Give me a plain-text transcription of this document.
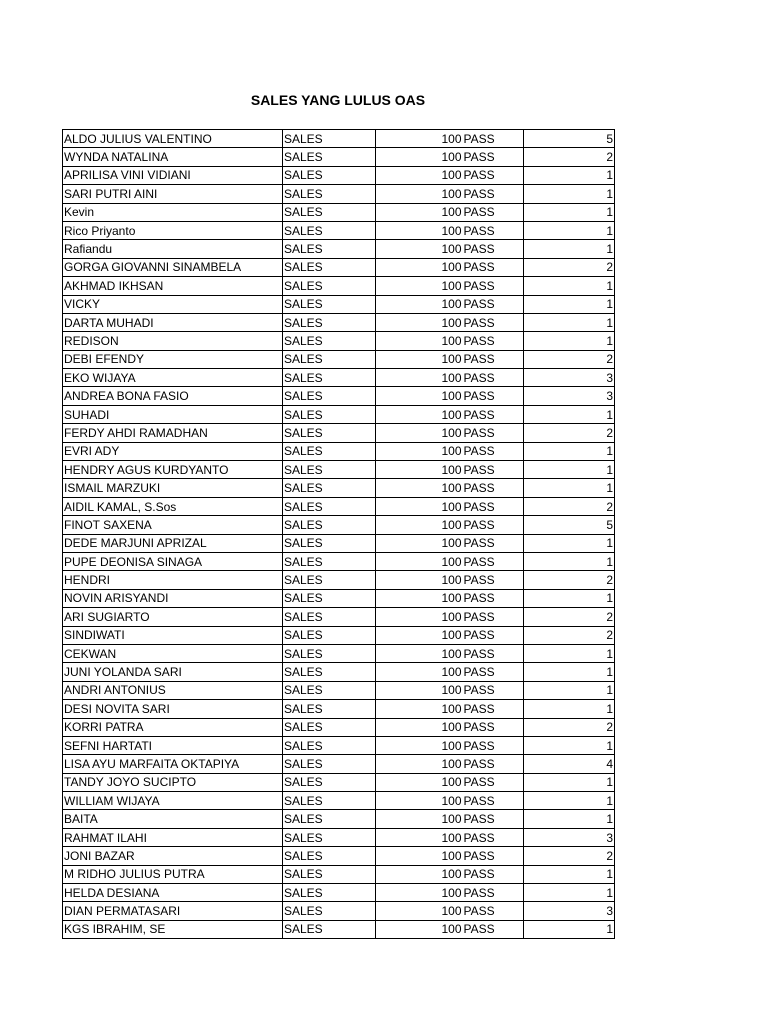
SALES YANG LULUS OAS
ALDO JULIUS VALENTINO	SALES	100	PASS	5
WYNDA NATALINA	SALES	100	PASS	2
APRILISA VINI VIDIANI	SALES	100	PASS	1
SARI PUTRI AINI	SALES	100	PASS	1
Kevin	SALES	100	PASS	1
Rico Priyanto	SALES	100	PASS	1
Rafiandu	SALES	100	PASS	1
GORGA GIOVANNI SINAMBELA	SALES	100	PASS	2
AKHMAD IKHSAN	SALES	100	PASS	1
VICKY	SALES	100	PASS	1
DARTA MUHADI	SALES	100	PASS	1
REDISON	SALES	100	PASS	1
DEBI EFENDY	SALES	100	PASS	2
EKO WIJAYA	SALES	100	PASS	3
ANDREA BONA FASIO	SALES	100	PASS	3
SUHADI	SALES	100	PASS	1
FERDY AHDI RAMADHAN	SALES	100	PASS	2
EVRI ADY	SALES	100	PASS	1
HENDRY AGUS KURDYANTO	SALES	100	PASS	1
ISMAIL MARZUKI	SALES	100	PASS	1
AIDIL KAMAL, S.Sos	SALES	100	PASS	2
FINOT SAXENA	SALES	100	PASS	5
DEDE MARJUNI APRIZAL	SALES	100	PASS	1
PUPE DEONISA SINAGA	SALES	100	PASS	1
HENDRI	SALES	100	PASS	2
NOVIN ARISYANDI	SALES	100	PASS	1
ARI SUGIARTO	SALES	100	PASS	2
SINDIWATI	SALES	100	PASS	2
CEKWAN	SALES	100	PASS	1
JUNI YOLANDA SARI	SALES	100	PASS	1
ANDRI ANTONIUS	SALES	100	PASS	1
DESI NOVITA SARI	SALES	100	PASS	1
KORRI PATRA	SALES	100	PASS	2
SEFNI HARTATI	SALES	100	PASS	1
LISA AYU MARFAITA OKTAPIYA	SALES	100	PASS	4
TANDY JOYO SUCIPTO	SALES	100	PASS	1
WILLIAM WIJAYA	SALES	100	PASS	1
BAITA	SALES	100	PASS	1
RAHMAT ILAHI	SALES	100	PASS	3
JONI BAZAR	SALES	100	PASS	2
M RIDHO JULIUS PUTRA	SALES	100	PASS	1
HELDA DESIANA	SALES	100	PASS	1
DIAN PERMATASARI	SALES	100	PASS	3
KGS IBRAHIM, SE	SALES	100	PASS	1
